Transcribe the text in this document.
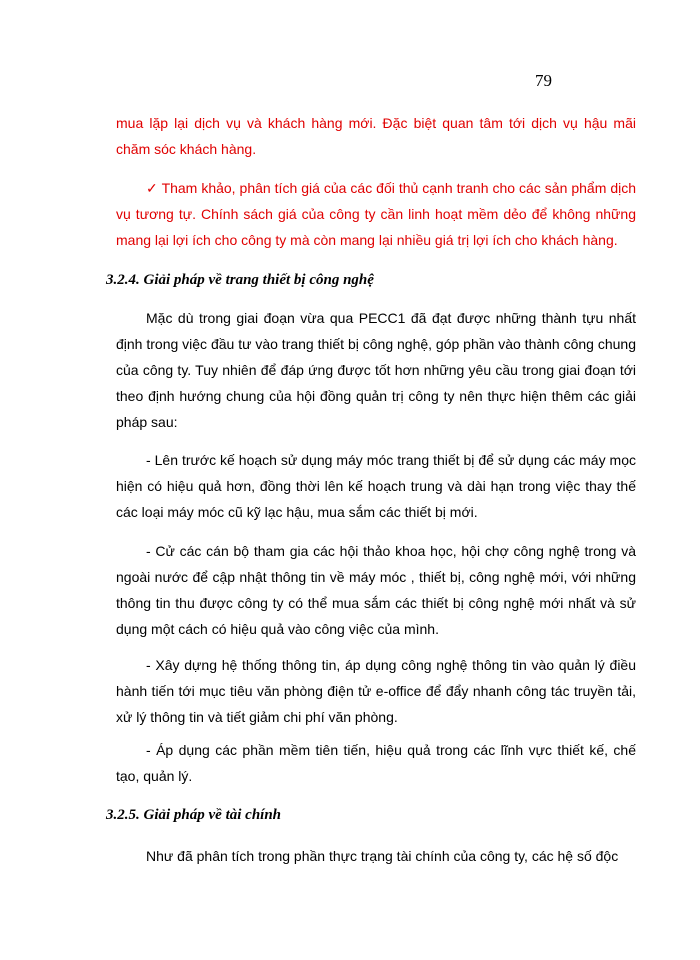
79
mua lặp lại dịch vụ và khách hàng mới. Đặc biệt quan tâm tới dịch vụ hậu mãi chăm sóc khách hàng.
✓ Tham khảo, phân tích giá của các đối thủ cạnh tranh cho các sản phẩm dịch vụ tương tự. Chính sách giá của công ty cần linh hoạt mềm dẻo để không những mang lại lợi ích cho công ty mà còn mang lại nhiều giá trị lợi ích cho khách hàng.
3.2.4. Giải pháp về trang thiết bị công nghệ
Mặc dù trong giai đoạn vừa qua PECC1 đã đạt được những thành tựu nhất định trong việc đầu tư vào trang thiết bị công nghệ, góp phần vào thành công chung của công ty. Tuy nhiên để đáp ứng được tốt hơn những yêu cầu trong giai đoạn tới theo định hướng chung của hội đồng quản trị công ty nên thực hiện thêm các giải pháp sau:
- Lên trước kế hoạch sử dụng máy móc trang thiết bị để sử dụng các máy mọc hiện có hiệu quả hơn, đồng thời lên kế hoạch trung và dài hạn trong việc thay thế các loại máy móc cũ kỹ lạc hậu, mua sắm các thiết bị mới.
- Cử các cán bộ tham gia các hội thảo khoa học, hội chợ công nghệ trong và ngoài nước để cập nhật thông tin về máy móc , thiết bị, công nghệ mới, với những thông tin thu được công ty có thể mua sắm các thiết bị công nghệ mới nhất và sử dụng một cách có hiệu quả vào công việc của mình.
- Xây dựng hệ thống thông tin, áp dụng công nghệ thông tin vào quản lý điều hành tiến tới mục tiêu văn phòng điện tử e-office để đẩy nhanh công tác truyền tải, xử lý thông tin và tiết giảm chi phí văn phòng.
- Áp dụng các phần mềm tiên tiến, hiệu quả trong các lĩnh vực thiết kế, chế tạo, quản lý.
3.2.5. Giải pháp về tài chính
Như đã phân tích trong phần thực trạng tài chính của công ty, các hệ số độc
